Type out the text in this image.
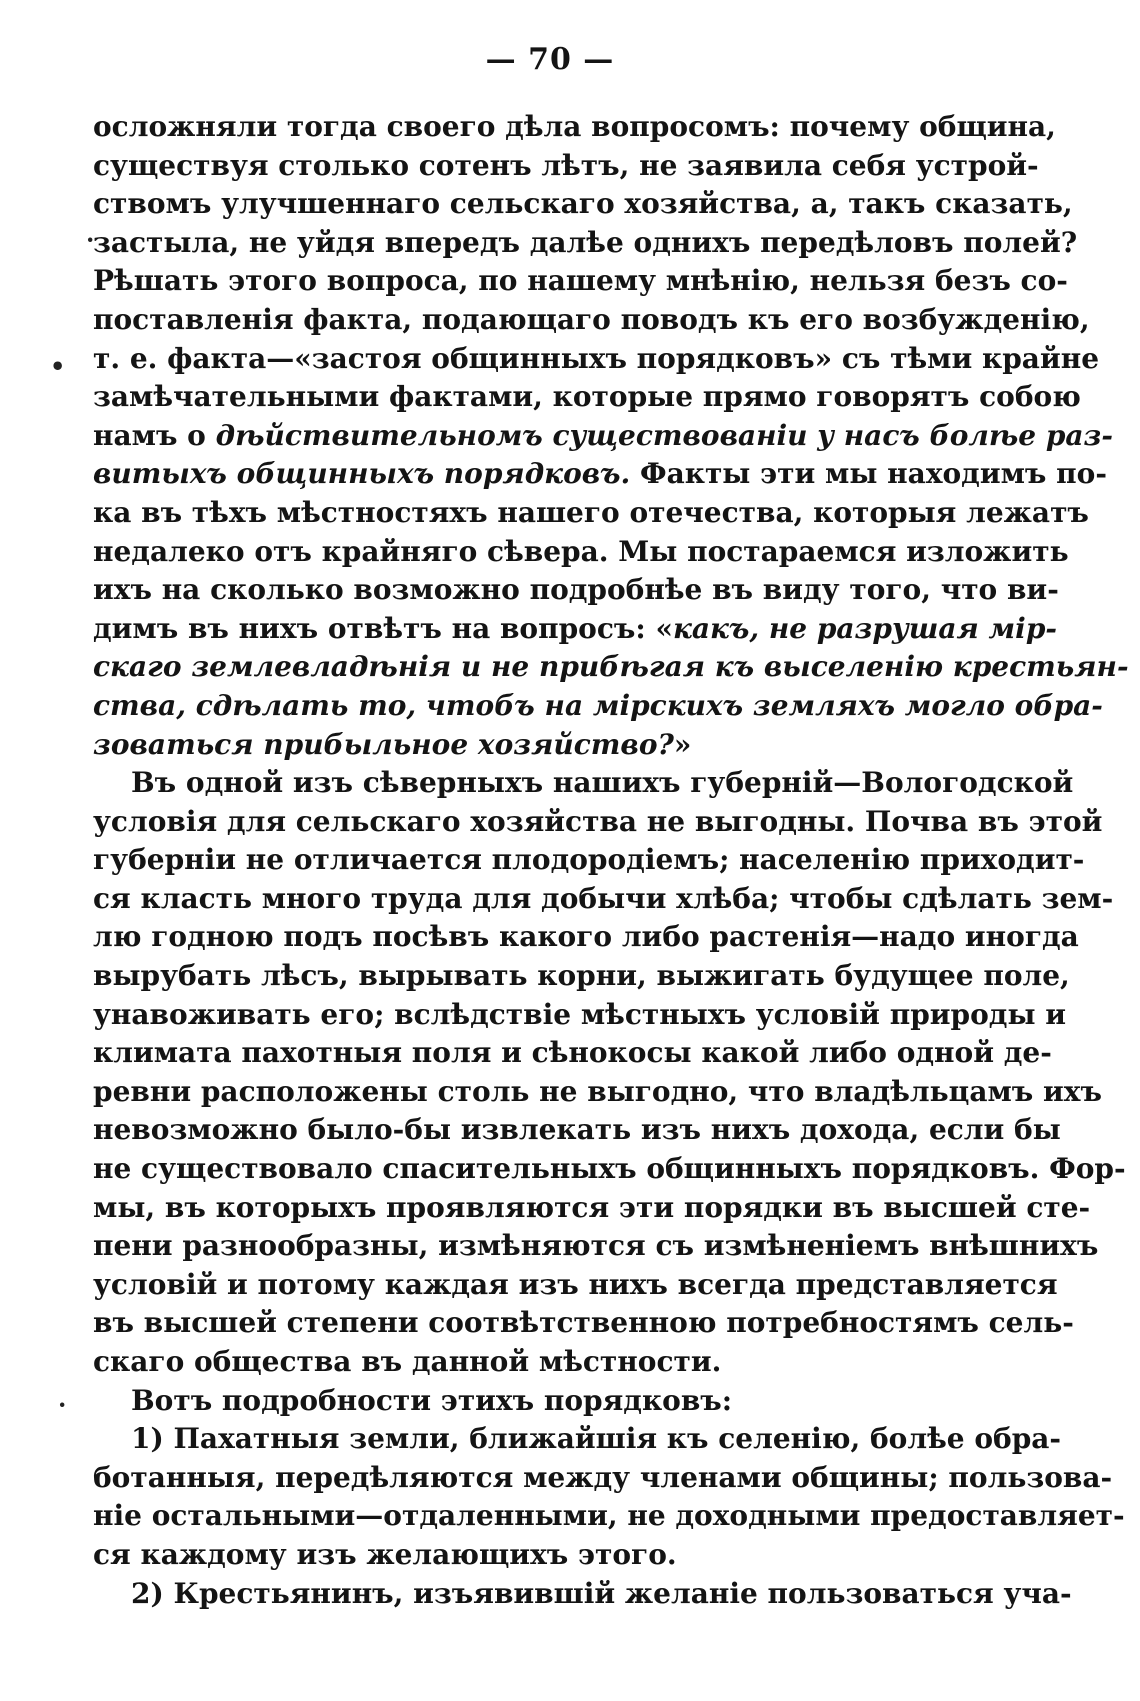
— 70 —
·
•
·
осложняли тогда своего дѣла вопросомъ: почему община,
существуя столько сотенъ лѣтъ, не заявила себя устрой-
ствомъ улучшеннаго сельскаго хозяйства, а, такъ сказать,
застыла, не уйдя впередъ далѣе однихъ передѣловъ полей?
Рѣшать этого вопроса, по нашему мнѣнію, нельзя безъ со-
поставленія факта, подающаго поводъ къ его возбужденію,
т. е. факта—«застоя общинныхъ порядковъ» съ тѣми крайне
замѣчательными фактами, которые прямо говорятъ собою
намъ о дѣйствительномъ существованіи у насъ болѣе раз-
витыхъ общинныхъ порядковъ. Факты эти мы находимъ по-
ка въ тѣхъ мѣстностяхъ нашего отечества, которыя лежатъ
недалеко отъ крайняго сѣвера. Мы постараемся изложить
ихъ на сколько возможно подробнѣе въ виду того, что ви-
димъ въ нихъ отвѣтъ на вопросъ: «какъ, не разрушая мір-
скаго землевладѣнія и не прибѣгая къ выселенію крестьян-
ства, сдѣлать то, чтобъ на мірскихъ земляхъ могло обра-
зоваться прибыльное хозяйство?»
Въ одной изъ сѣверныхъ нашихъ губерній—Вологодской
условія для сельскаго хозяйства не выгодны. Почва въ этой
губерніи не отличается плодородіемъ; населенію приходит-
ся класть много труда для добычи хлѣба; чтобы сдѣлать зем-
лю годною подъ посѣвъ какого либо растенія—надо иногда
вырубать лѣсъ, вырывать корни, выжигать будущее поле,
унавоживать его; вслѣдствіе мѣстныхъ условій природы и
климата пахотныя поля и сѣнокосы какой либо одной де-
ревни расположены столь не выгодно, что владѣльцамъ ихъ
невозможно было-бы извлекать изъ нихъ дохода, если бы
не существовало спасительныхъ общинныхъ порядковъ. Фор-
мы, въ которыхъ проявляются эти порядки въ высшей сте-
пени разнообразны, измѣняются съ измѣненіемъ внѣшнихъ
условій и потому каждая изъ нихъ всегда представляется
въ высшей степени соотвѣтственною потребностямъ сель-
скаго общества въ данной мѣстности.
Вотъ подробности этихъ порядковъ:
1) Пахатныя земли, ближайшія къ селенію, болѣе обра-
ботанныя, передѣляются между членами общины; пользова-
ніе остальными—отдаленными, не доходными предоставляет-
ся каждому изъ желающихъ этого.
2) Крестьянинъ, изъявившій желаніе пользоваться уча-
